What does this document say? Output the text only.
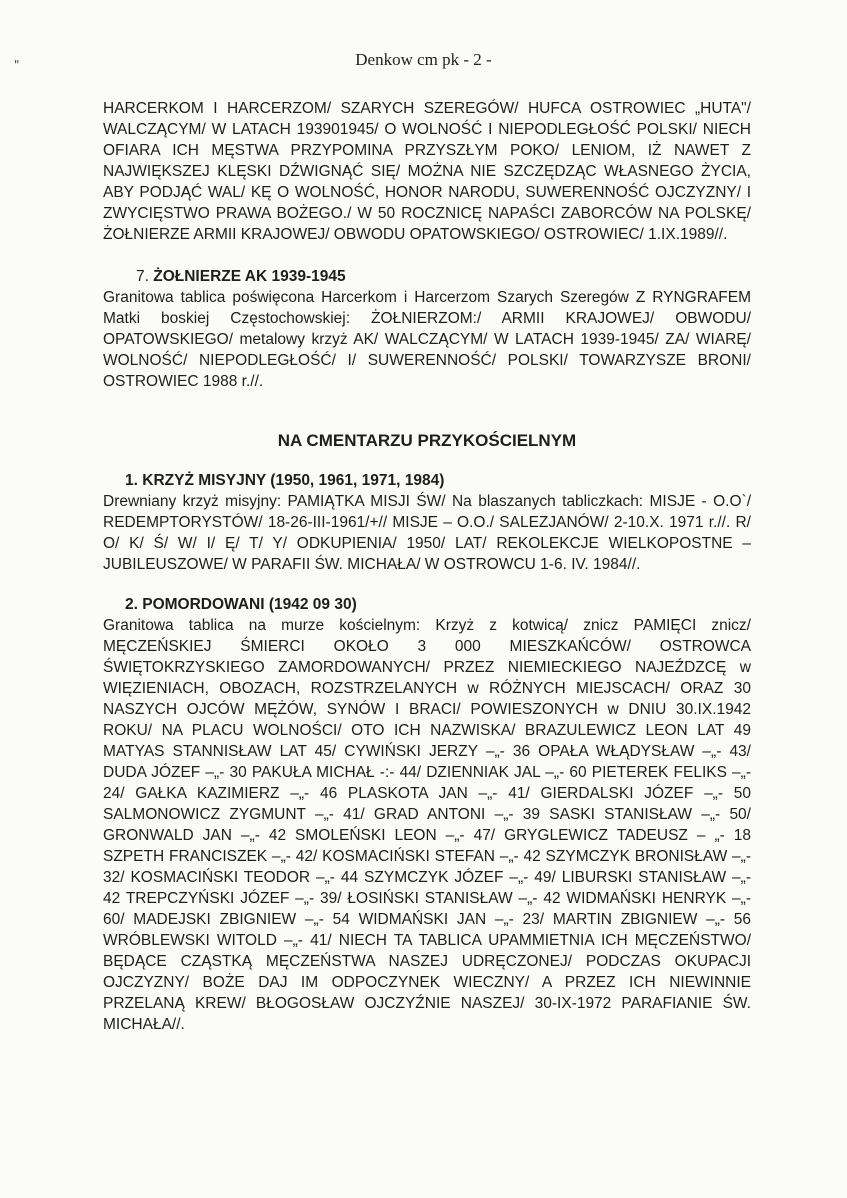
"	Denkow cm pk - 2 -

HARCERKOM I HARCERZOM/ SZARYCH SZEREGÓW/ HUFCA OSTROWIEC „HUTA"/ WALCZĄCYM/ W LATACH 193901945/ O WOLNOŚĆ I NIEPODLEGŁOŚĆ POLSKI/ NIECH OFIARA ICH MĘSTWA PRZYPOMINA PRZYSZŁYM POKO/ LENIOM, IŻ NAWET Z NAJWIĘKSZEJ KLĘSKI DŹWIGNĄĆ SIĘ/ MOŻNA NIE SZCZĘDZĄC WŁASNEGO ŻYCIA, ABY PODJĄĆ WAL/ KĘ O WOLNOŚĆ, HONOR NARODU, SUWERENNOŚĆ OJCZYZNY/ I ZWYCIĘSTWO PRAWA BOŻEGO./ W 50 ROCZNICĘ NAPAŚCI ZABORCÓW NA POLSKĘ/ ŻOŁNIERZE ARMII KRAJOWEJ/ OBWODU OPATOWSKIEGO/ OSTROWIEC/ 1.IX.1989//.

7. ŻOŁNIERZE AK 1939-1945

Granitowa tablica poświęcona Harcerkom i Harcerzom Szarych Szeregów Z RYNGRAFEM Matki boskiej Częstochowskiej: ŻOŁNIERZOM:/ ARMII KRAJOWEJ/ OBWODU/ OPATOWSKIEGO/ metalowy krzyż AK/ WALCZĄCYM/ W LATACH 1939-1945/ ZA/ WIARĘ/ WOLNOŚĆ/ NIEPODLEGŁOŚĆ/ I/ SUWERENNOŚĆ/ POLSKI/ TOWARZYSZE BRONI/ OSTROWIEC 1988 r.//.

NA CMENTARZU PRZYKOŚCIELNYM
1. KRZYŻ MISYJNY (1950, 1961, 1971, 1984)

Drewniany krzyż misyjny: PAMIĄTKA MISJI ŚW/ Na blaszanych tabliczkach: MISJE - O.O`/ REDEMPTORYSTÓW/ 18-26-III-1961/+// MISJE – O.O./ SALEZJANÓW/ 2-10.X. 1971 r.//. R/ O/ K/ Ś/ W/ I/ Ę/ T/ Y/ ODKUPIENIA/ 1950/ LAT/ REKOLEKCJE WIELKOPOSTNE – JUBILEUSZOWE/ W PARAFII ŚW. MICHAŁA/ W OSTROWCU 1-6. IV. 1984//.

2. POMORDOWANI (1942 09 30)

Granitowa tablica na murze kościelnym: Krzyż z kotwicą/ znicz PAMIĘCI znicz/ MĘCZEŃSKIEJ ŚMIERCI OKOŁO 3 000 MIESZKAŃCÓW/ OSTROWCA ŚWIĘTOKRZYSKIEGO ZAMORDOWANYCH/ PRZEZ NIEMIECKIEGO NAJEŹDZCĘ w WIĘZIENIACH, OBOZACH, ROZSTRZELANYCH w RÓŻNYCH MIEJSCACH/ ORAZ 30 NASZYCH OJCÓW MĘŻÓW, SYNÓW I BRACI/ POWIESZONYCH w DNIU 30.IX.1942 ROKU/ NA PLACU WOLNOŚCI/ OTO ICH NAZWISKA/ BRAZULEWICZ LEON LAT 49 MATYAS STANNISŁAW LAT 45/ CYWIŃSKI JERZY –„- 36 OPAŁA WŁĄDYSŁAW –„- 43/ DUDA JÓZEF –„- 30 PAKUŁA MICHAŁ -:- 44/ DZIENNIAK JAL –„- 60 PIETEREK FELIKS –„- 24/ GAŁKA KAZIMIERZ –„- 46 PLASKOTA JAN –„- 41/ GIERDALSKI JÓZEF –„- 50 SALMONOWICZ ZYGMUNT –„- 41/ GRAD ANTONI –„- 39 SASKI STANISŁAW –„- 50/ GRONWALD JAN –„- 42 SMOLEŃSKI LEON –„- 47/ GRYGLEWICZ TADEUSZ – „- 18 SZPETH FRANCISZEK –„- 42/ KOSMACIŃSKI STEFAN –„- 42 SZYMCZYK BRONISŁAW –„- 32/ KOSMACIŃSKI TEODOR –„- 44 SZYMCZYK JÓZEF –„- 49/ LIBURSKI STANISŁAW –„- 42 TREPCZYŃSKI JÓZEF –„- 39/ ŁOSIŃSKI STANISŁAW –„- 42 WIDMAŃSKI HENRYK –„- 60/ MADEJSKI ZBIGNIEW –„- 54 WIDMAŃSKI JAN –„- 23/ MARTIN ZBIGNIEW –„- 56 WRÓBLEWSKI WITOLD –„- 41/ NIECH TA TABLICA UPAMMIETNIA ICH MĘCZEŃSTWO/ BĘDĄCE CZĄSTKĄ MĘCZEŃSTWA NASZEJ UDRĘCZONEJ/ PODCZAS OKUPACJI OJCZYZNY/ BOŻE DAJ IM ODPOCZYNEK WIECZNY/ A PRZEZ ICH NIEWINNIE PRZELANĄ KREW/ BŁOGOSŁAW OJCZYŹNIE NASZEJ/ 30-IX-1972 PARAFIANIE ŚW. MICHAŁA//.
